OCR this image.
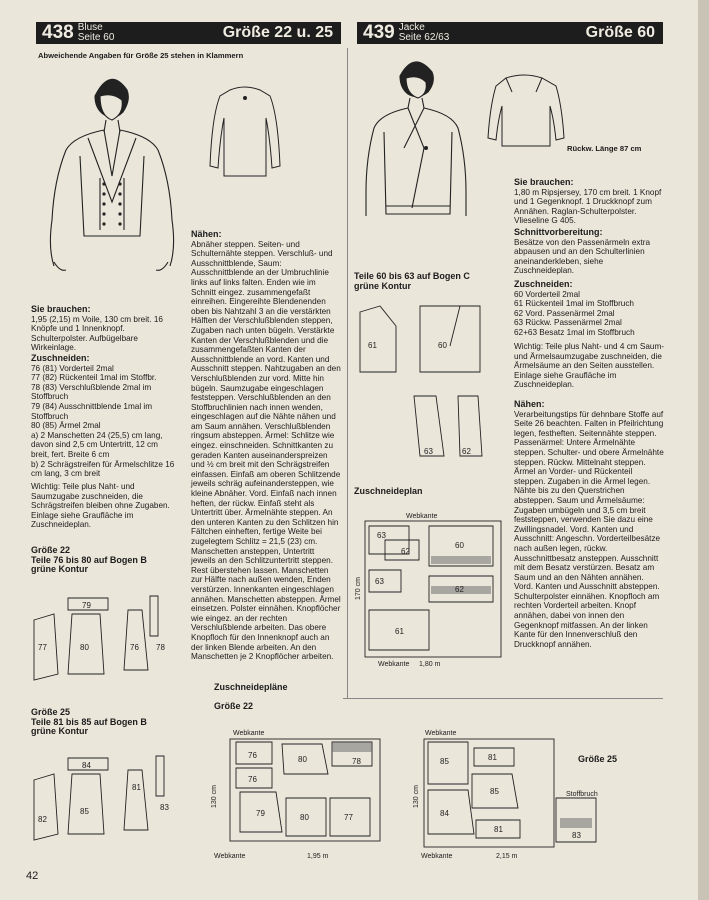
438 Bluse
Seite 60	Größe 22 u. 25	439 Jacke
Seite 62/63	Größe 60

Abweichende Angaben für Größe 25 stehen in Klammern

Sie brauchen:
1,95 (2,15) m Voile, 130 cm breit. 16 Knöpfe und 1 Innenknopf. Schulterpolster. Aufbügelbare Wirkeinlage.

Zuschneiden:
76 (81) Vorderteil 2mal
77 (82) Rückenteil 1mal im Stoffbr.
78 (83) Verschlußblende 2mal im Stoffbruch
79 (84) Ausschnittblende 1mal im Stoffbruch
80 (85) Ärmel 2mal
a) 2 Manschetten 24 (25,5) cm lang, davon sind 2,5 cm Untertritt, 12 cm breit, fert. Breite 6 cm
b) 2 Schrägstreifen für Ärmelschlitze 16 cm lang, 3 cm breit

Wichtig: Teile plus Naht- und Saumzugabe zuschneiden, die Schrägstreifen bleiben ohne Zugaben. Einlage siehe Graufläche im Zuschneideplan.

Größe 22
Teile 76 bis 80 auf Bogen B
grüne Kontur

77	80
79
76 78

Größe 25
Teile 81 bis 85 auf Bogen B
grüne Kontur

82
85
84
81
83

Nähen:
Abnäher steppen. Seiten- und Schulternähte steppen. Verschluß- und Ausschnittblende, Saum: Ausschnittblende an der Umbruchlinie links auf links falten. Enden wie im Schnitt eingez. zusammengefaßt einreihen. Eingereihte Blendenenden oben bis Nahtzahl 3 an die verstärkten Hälften der Verschlußblenden steppen, Zugaben nach unten bügeln. Verstärkte Kanten der Verschlußblenden und die zusammengefaßten Kanten der Ausschnittblende an vord. Kanten und Ausschnitt steppen. Nahtzugaben an den Verschlußblenden zur vord. Mitte hin bügeln. Saumzugabe eingeschlagen feststeppen. Verschlußblenden an den Stoffbruchlinien nach innen wenden, eingeschlagen auf die Nähte nähen und am Saum annähen. Verschlußblenden ringsum absteppen. Ärmel: Schlitze wie eingez. einschneiden. Schnittkanten zu geraden Kanten auseinanderspreizen und ½ cm breit mit den Schrägstreifen einfassen. Einfaß am oberen Schlitzende jeweils schräg aufeinandersteppen, wie kleine Abnäher. Vord. Einfaß nach innen heften, der rückw. Einfaß steht als Untertritt über. Ärmelnähte steppen. An den unteren Kanten zu den Schlitzen hin Fältchen einheften, fertige Weite bei zugelegtem Schlitz = 21,5 (23) cm. Manschetten ansteppen, Untertritt jeweils an den Schlitzuntertritt steppen. Rest überstehen lassen. Manschetten zur Hälfte nach außen wenden, Enden verstürzen. Innenkanten eingeschlagen annähen. Manschetten absteppen. Ärmel einsetzen. Polster einnähen. Knopflöcher wie eingez. an der rechten Verschlußblende arbeiten. Das obere Knopfloch für den Innenknopf auch an der linken Blende arbeiten. An den Manschetten je 2 Knopflöcher arbeiten.

Zuschneidepläne

Größe 22

Größe 25

Webkante
76	80
76
79	80	77
78
130 cm
Webkante	1,95 m
Webkante
85	81
85
84
81
83
130 cm	Stoffbruch
Webkante	2,15 m
Rückw. Länge 87 cm

Sie brauchen:
1,80 m Ripsjersey, 170 cm breit. 1 Knopf und 1 Gegenknopf. 1 Druckknopf zum Annähen. Raglan-Schulterpolster. Vlieseline G 405.

Schnittvorbereitung:
Besätze von den Passenärmeln extra abpausen und an den Schulterlinien aneinanderkleben, siehe Zuschneideplan.

Zuschneiden:
60 Vorderteil 2mal
61 Rückenteil 1mal im Stoffbruch
62 Vord. Passenärmel 2mal
63 Rückw. Passenärmel 2mal
62+63 Besatz 1mal im Stoffbruch

Wichtig: Teile plus Naht- und 4 cm Saum- und Ärmelsaumzugabe zuschneiden, die Ärmelsäume an den Seiten ausstellen. Einlage siehe Graufläche im Zuschneideplan.

Nähen:
Verarbeitungstips für dehnbare Stoffe auf Seite 26 beachten. Falten in Pfeilrichtung legen, festheften. Seitennähte steppen. Passenärmel: Untere Ärmelnähte steppen. Schulter- und obere Ärmelnähte steppen. Rückw. Mittelnaht steppen. Ärmel an Vorder- und Rückenteil steppen. Zugaben in die Ärmel legen. Nähte bis zu den Querstrichen absteppen. Saum und Ärmelsäume: Zugaben umbügeln und 3,5 cm breit feststeppen, verwenden Sie dazu eine Zwillingsnadel. Vord. Kanten und Ausschnitt: Angeschn. Vorderteilbesätze nach außen legen, rückw. Ausschnittbesatz ansteppen. Ausschnitt mit dem Besatz verstürzen. Besatz am Saum und an den Nähten annähen. Vord. Kanten und Ausschnitt absteppen. Schulterpolster einnähen. Knopfloch am rechten Vorderteil arbeiten. Knopf annähen, dabei von innen den Gegenknopf mitfassen. An der linken Kante für den Innenverschluß den Druckknopf annähen.

Teile 60 bis 63 auf Bogen C
grüne Kontur

61	60
63	62

Zuschneideplan

Webkante
63
62
60
63
62
61
170 cm
Webkante 1,80 m
42
